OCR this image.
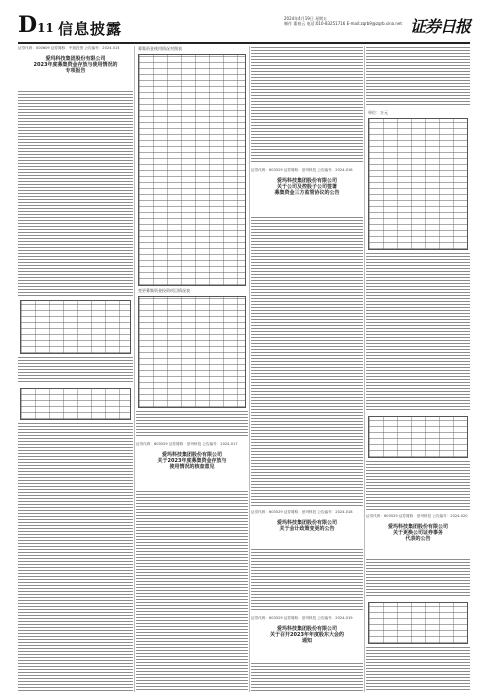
D11 信息披露
2024年4月19日 星期五
制作 董春云 电话:010-83251716 E-mail:zqrb9@zqrb.sina.net 证券日报
证券代码：000609 证券简称：中迪投资 公告编号：2024-015
爱玛科技集团股份有限公司
2023年度募集资金存放与使用情况的
专项报告
募集资金使用情况对照表
变更募集资金投资项目情况表
证券代码：603529 证券简称：爱玛科技 公告编号：2024-017
爱玛科技集团股份有限公司
关于2023年度募集资金存放与
使用情况的核查意见
证券代码：603529 证券简称：爱玛科技 公告编号：2024-016
爱玛科技集团股份有限公司
关于公司及控股子公司签署
募集资金三方监管协议的公告
证券代码：603529 证券简称：爱玛科技 公告编号：2024-018
爱玛科技集团股份有限公司
关于会计政策变更的公告
证券代码：603529 证券简称：爱玛科技 公告编号：2024-019
爱玛科技集团股份有限公司
关于召开2023年年度股东大会的
通知
单位：万元
证券代码：603529 证券简称：爱玛科技 公告编号：2024-020
爱玛科技集团股份有限公司
关于更换公司证券事务
代表的公告
